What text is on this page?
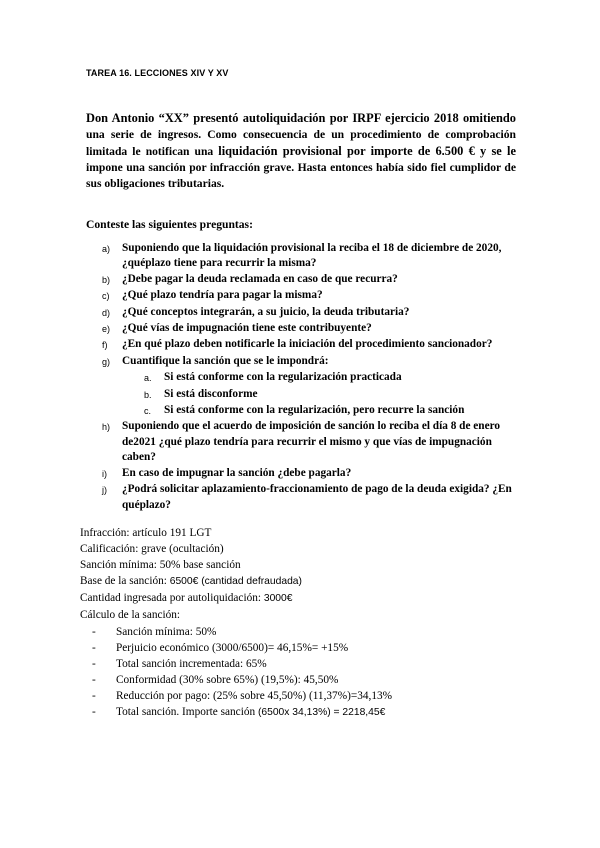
TAREA 16. LECCIONES XIV Y XV
Don Antonio “XX” presentó autoliquidación por IRPF ejercicio 2018 omitiendo una serie de ingresos. Como consecuencia de un procedimiento de comprobación limitada le notifican una liquidación provisional por importe de 6.500 € y se le impone una sanción por infracción grave. Hasta entonces había sido fiel cumplidor de sus obligaciones tributarias.
Conteste las siguientes preguntas:
a)	Suponiendo que la liquidación provisional la reciba el 18 de diciembre de 2020, ¿quéplazo tiene para recurrir la misma?
b)	¿Debe pagar la deuda reclamada en caso de que recurra?
c)	¿Qué plazo tendría para pagar la misma?
d)	¿Qué conceptos integrarán, a su juicio, la deuda tributaria?
e)	¿Qué vías de impugnación tiene este contribuyente?
f)	¿En qué plazo deben notificarle la iniciación del procedimiento sancionador?
g)	Cuantifique la sanción que se le impondrá:
a.	Si está conforme con la regularización practicada
b.	Si está disconforme
c.	Si está conforme con la regularización, pero recurre la sanción
h)	Suponiendo que el acuerdo de imposición de sanción lo reciba el día 8 de enero de2021 ¿qué plazo tendría para recurrir el mismo y que vías de impugnación caben?
i)	En caso de impugnar la sanción ¿debe pagarla?
j)	¿Podrá solicitar aplazamiento-fraccionamiento de pago de la deuda exigida? ¿En quéplazo?
Infracción: artículo 191 LGT
Calificación: grave (ocultación)
Sanción mínima: 50% base sanción
Base de la sanción: 6500€ (cantidad defraudada)
Cantidad ingresada por autoliquidación: 3000€
Cálculo de la sanción:
-	Sanción mínima: 50%
-	Perjuicio económico (3000/6500)= 46,15%= +15%
-	Total sanción incrementada: 65%
-	Conformidad (30% sobre 65%) (19,5%): 45,50%
-	Reducción por pago: (25% sobre 45,50%) (11,37%)=34,13%
-	Total sanción. Importe sanción (6500x 34,13%) = 2218,45€
